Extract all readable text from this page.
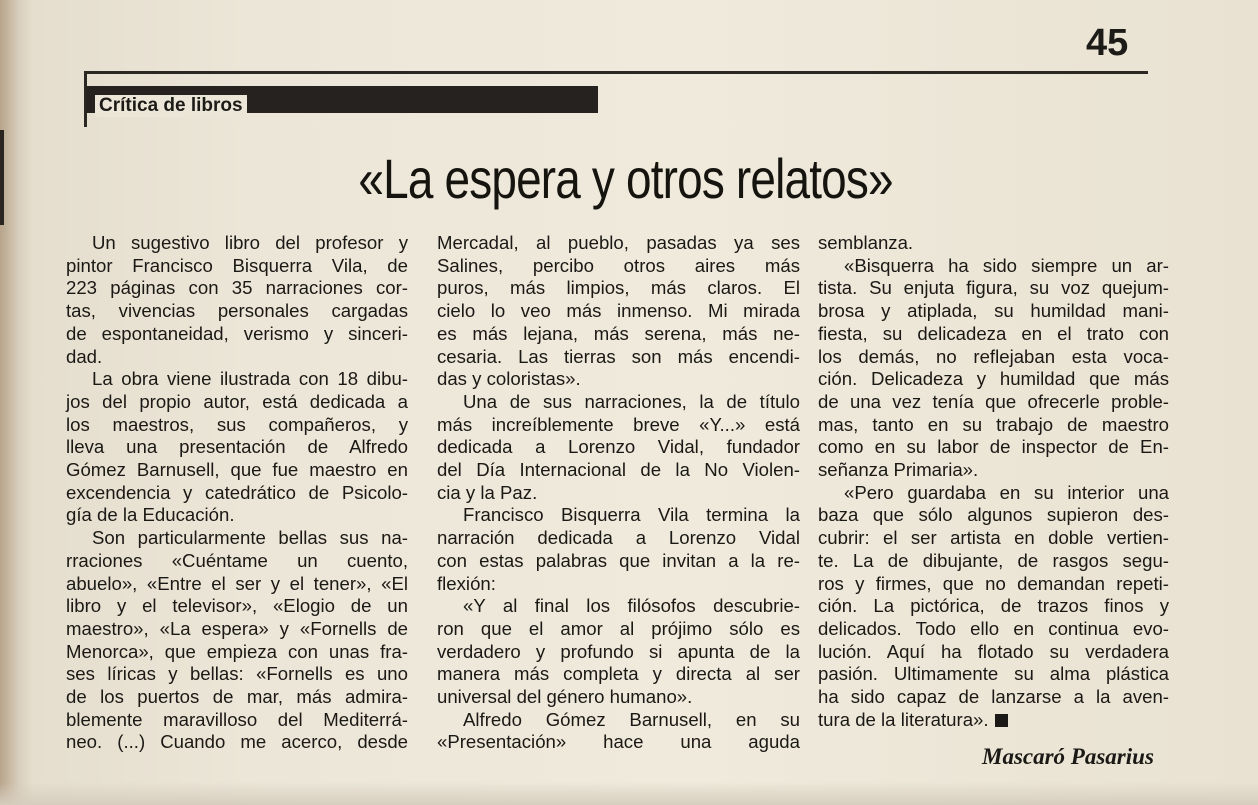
45
Crítica de libros
«La espera y otros relatos»
Un sugestivo libro del profesor y
pintor Francisco Bisquerra Vila, de
223 páginas con 35 narraciones cor-
tas, vivencias personales cargadas
de espontaneidad, verismo y sinceri-
dad.
La obra viene ilustrada con 18 dibu-
jos del propio autor, está dedicada a
los maestros, sus compañeros, y
lleva una presentación de Alfredo
Gómez Barnusell, que fue maestro en
excendencia y catedrático de Psicolo-
gía de la Educación.
Son particularmente bellas sus na-
rraciones «Cuéntame un cuento,
abuelo», «Entre el ser y el tener», «El
libro y el televisor», «Elogio de un
maestro», «La espera» y «Fornells de
Menorca», que empieza con unas fra-
ses líricas y bellas: «Fornells es uno
de los puertos de mar, más admira-
blemente maravilloso del Mediterrá-
neo. (...) Cuando me acerco, desde
Mercadal, al pueblo, pasadas ya ses
Salines, percibo otros aires más
puros, más limpios, más claros. El
cielo lo veo más inmenso. Mi mirada
es más lejana, más serena, más ne-
cesaria. Las tierras son más encendi-
das y coloristas».
Una de sus narraciones, la de título
más increíblemente breve «Y...» está
dedicada a Lorenzo Vidal, fundador
del Día Internacional de la No Violen-
cia y la Paz.
Francisco Bisquerra Vila termina la
narración dedicada a Lorenzo Vidal
con estas palabras que invitan a la re-
flexión:
«Y al final los filósofos descubrie-
ron que el amor al prójimo sólo es
verdadero y profundo si apunta de la
manera más completa y directa al ser
universal del género humano».
Alfredo Gómez Barnusell, en su
«Presentación» hace una aguda
semblanza.
«Bisquerra ha sido siempre un ar-
tista. Su enjuta figura, su voz quejum-
brosa y atiplada, su humildad mani-
fiesta, su delicadeza en el trato con
los demás, no reflejaban esta voca-
ción. Delicadeza y humildad que más
de una vez tenía que ofrecerle proble-
mas, tanto en su trabajo de maestro
como en su labor de inspector de En-
señanza Primaria».
«Pero guardaba en su interior una
baza que sólo algunos supieron des-
cubrir: el ser artista en doble vertien-
te. La de dibujante, de rasgos segu-
ros y firmes, que no demandan repeti-
ción. La pictórica, de trazos finos y
delicados. Todo ello en continua evo-
lución. Aquí ha flotado su verdadera
pasión. Ultimamente su alma plástica
ha sido capaz de lanzarse a la aven-
tura de la literatura».
Mascaró Pasarius
